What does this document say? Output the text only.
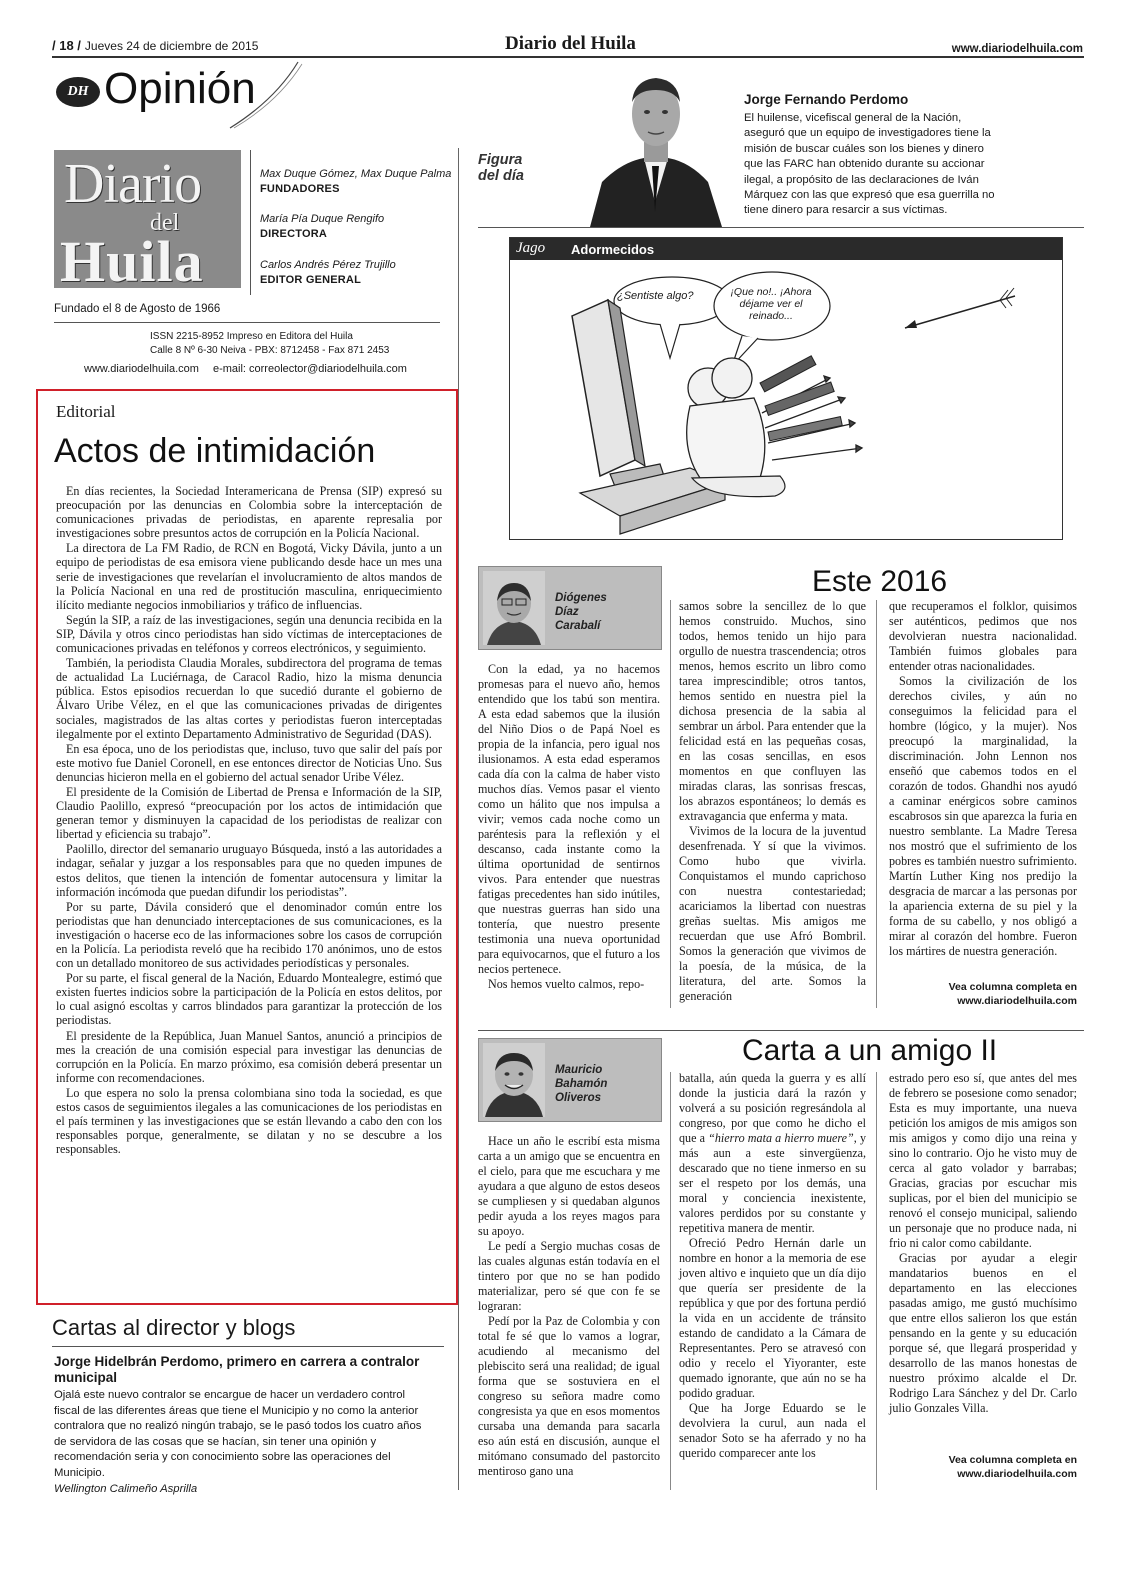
/ 18 / Jueves 24 de diciembre de 2015	Diario del Huila	www.diariodelhuila.com
DH Opinión
Diario
del
Huila
Max Duque Gómez, Max Duque Palma
FUNDADORES
María Pía Duque Rengifo
DIRECTORA
Carlos Andrés Pérez Trujillo
EDITOR GENERAL
Fundado el 8 de Agosto de 1966
ISSN 2215-8952 Impreso en Editora del Huila
Calle 8 Nº 6-30 Neiva - PBX: 8712458 - Fax 871 2453
www.diariodelhuila.com e-mail: correolector@diariodelhuila.com
Editorial
Actos de intimidación

En días recientes, la Sociedad Interamericana de Prensa (SIP) expresó su preocupación por las denuncias en Colombia sobre la interceptación de comunicaciones privadas de periodistas, en aparente represalia por investigaciones sobre presuntos actos de corrupción en la Policía Nacional.

La directora de La FM Radio, de RCN en Bogotá, Vicky Dávila, junto a un equipo de periodistas de esa emisora viene publicando desde hace un mes una serie de investigaciones que revelarían el involucramiento de altos mandos de la Policía Nacional en una red de prostitución masculina, enriquecimiento ilícito mediante negocios inmobiliarios y tráfico de influencias.

Según la SIP, a raíz de las investigaciones, según una denuncia recibida en la SIP, Dávila y otros cinco periodistas han sido víctimas de interceptaciones de comunicaciones privadas en teléfonos y correos electrónicos, y seguimiento.

También, la periodista Claudia Morales, subdirectora del programa de temas de actualidad La Luciérnaga, de Caracol Radio, hizo la misma denuncia pública. Estos episodios recuerdan lo que sucedió durante el gobierno de Álvaro Uribe Vélez, en el que las comunicaciones privadas de dirigentes sociales, magistrados de las altas cortes y periodistas fueron interceptadas ilegalmente por el extinto Departamento Administrativo de Seguridad (DAS).

En esa época, uno de los periodistas que, incluso, tuvo que salir del país por este motivo fue Daniel Coronell, en ese entonces director de Noticias Uno. Sus denuncias hicieron mella en el gobierno del actual senador Uribe Vélez.

El presidente de la Comisión de Libertad de Prensa e Información de la SIP, Claudio Paolillo, expresó “preocupación por los actos de intimidación que generan temor y disminuyen la capacidad de los periodistas de realizar con libertad y eficiencia su trabajo”.

Paolillo, director del semanario uruguayo Búsqueda, instó a las autoridades a indagar, señalar y juzgar a los responsables para que no queden impunes de estos delitos, que tienen la intención de fomentar autocensura y limitar la información incómoda que puedan difundir los periodistas”.

Por su parte, Dávila consideró que el denominador común entre los periodistas que han denunciado interceptaciones de sus comunicaciones, es la investigación o hacerse eco de las informaciones sobre los casos de corrupción en la Policía. La periodista reveló que ha recibido 170 anónimos, uno de estos con un detallado monitoreo de sus actividades periodísticas y personales.

Por su parte, el fiscal general de la Nación, Eduardo Montealegre, estimó que existen fuertes indicios sobre la participación de la Policía en estos delitos, por lo cual asignó escoltas y carros blindados para garantizar la protección de los periodistas.

El presidente de la República, Juan Manuel Santos, anunció a principios de mes la creación de una comisión especial para investigar las denuncias de corrupción en la Policía. En marzo próximo, esa comisión deberá presentar un informe con recomendaciones.

Lo que espera no solo la prensa colombiana sino toda la sociedad, es que estos casos de seguimientos ilegales a las comunicaciones de los periodistas en el país terminen y las investigaciones que se están llevando a cabo den con los responsables porque, generalmente, se dilatan y no se descubre a los responsables.

Cartas al director y blogs
Jorge Hidelbrán Perdomo, primero en carrera a contralor municipal
Ojalá este nuevo contralor se encargue de hacer un verdadero control fiscal de las diferentes áreas que tiene el Municipio y no como la anterior contralora que no realizó ningún trabajo, se le pasó todos los cuatro años de servidora de las cosas que se hacían, sin tener una opinión y recomendación seria y con conocimiento sobre las operaciones del Municipio.
Wellington Calimeño Asprilla
Figura
del día
Jorge Fernando Perdomo
El huilense, vicefiscal general de la Nación, aseguró que un equipo de investigadores tiene la misión de buscar cuáles son los bienes y dinero que las FARC han obtenido durante su accionar ilegal, a propósito de las declaraciones de Iván Márquez con las que expresó que esa guerrilla no tiene dinero para resarcir a sus víctimas.
Jago Adormecidos
¿Sentiste algo?	¡Que no!.. ¡Ahora déjame ver el reinado...
Diógenes
Díaz
Carabalí
Este 2016

Con la edad, ya no hacemos promesas para el nuevo año, hemos entendido que los tabú son mentira. A esta edad sabemos que la ilusión del Niño Dios o de Papá Noel es propia de la infancia, pero igual nos ilusionamos. A esta edad esperamos cada día con la calma de haber visto muchos días. Vemos pasar el viento como un hálito que nos impulsa a vivir; vemos cada noche como un paréntesis para la reflexión y el descanso, cada instante como la última oportunidad de sentirnos vivos. Para entender que nuestras fatigas precedentes han sido inútiles, que nuestras guerras han sido una tontería, que nuestro presente testimonia una nueva oportunidad para equivocarnos, que el futuro a los necios pertenece.

Nos hemos vuelto calmos, repo-

samos sobre la sencillez de lo que hemos construido. Muchos, sino todos, hemos tenido un hijo para orgullo de nuestra trascendencia; otros menos, hemos escrito un libro como tarea imprescindible; otros tantos, hemos sentido en nuestra piel la dichosa presencia de la sabia al sembrar un árbol. Para entender que la felicidad está en las pequeñas cosas, en las cosas sencillas, en esos momentos en que confluyen las miradas claras, las sonrisas frescas, los abrazos espontáneos; lo demás es extravagancia que enferma y mata.

Vivimos de la locura de la juventud desenfrenada. Y sí que la vivimos. Como hubo que vivirla. Conquistamos el mundo caprichoso con nuestra contestariedad; acariciamos la libertad con nuestras greñas sueltas. Mis amigos me recuerdan que use Afró Bombril. Somos la generación que vivimos de la poesía, de la música, de la literatura, del arte. Somos la generación

que recuperamos el folklor, quisimos ser auténticos, pedimos que nos devolvieran nuestra nacionalidad. También fuimos globales para entender otras nacionalidades.

Somos la civilización de los derechos civiles, y aún no conseguimos la felicidad para el hombre (lógico, y la mujer). Nos preocupó la marginalidad, la discriminación. John Lennon nos enseñó que cabemos todos en el corazón de todos. Ghandhi nos ayudó a caminar enérgicos sobre caminos escabrosos sin que aparezca la furia en nuestro semblante. La Madre Teresa nos mostró que el sufrimiento de los pobres es también nuestro sufrimiento. Martín Luther King nos predijo la desgracia de marcar a las personas por la apariencia externa de su piel y la forma de su cabello, y nos obligó a mirar al corazón del hombre. Fueron los mártires de nuestra generación.

Vea columna completa en
www.diariodelhuila.com
Mauricio
Bahamón
Oliveros
Carta a un amigo II

Hace un año le escribí esta misma carta a un amigo que se encuentra en el cielo, para que me escuchara y me ayudara a que alguno de estos deseos se cumpliesen y si quedaban algunos pedir ayuda a los reyes magos para su apoyo.

Le pedí a Sergio muchas cosas de las cuales algunas están todavía en el tintero por que no se han podido materializar, pero sé que con fe se lograran:

Pedí por la Paz de Colombia y con total fe sé que lo vamos a lograr, acudiendo al mecanismo del plebiscito será una realidad; de igual forma que se sostuviera en el congreso su señora madre como congresista ya que en esos momentos cursaba una demanda para sacarla eso aún está en discusión, aunque el mitómano consumado del pastorcito mentiroso gano una

batalla, aún queda la guerra y es allí donde la justicia dará la razón y volverá a su posición regresándola al congreso, por que como he dicho el que a “hierro mata a hierro muere”, y más aun a este sinvergüenza, descarado que no tiene inmerso en su ser el respeto por los demás, una moral y conciencia inexistente, valores perdidos por su constante y repetitiva manera de mentir.

Ofreció Pedro Hernán darle un nombre en honor a la memoria de ese joven altivo e inquieto que un día dijo que quería ser presidente de la república y que por des fortuna perdió la vida en un accidente de tránsito estando de candidato a la Cámara de Representantes. Pero se atravesó con odio y recelo el Yiyoranter, este quemado ignorante, que aún no se ha podido graduar.

Que ha Jorge Eduardo se le devolviera la curul, aun nada el senador Soto se ha aferrado y no ha querido comparecer ante los

estrado pero eso sí, que antes del mes de febrero se posesione como senador; Esta es muy importante, una nueva petición los amigos de mis amigos son mis amigos y como dijo una reina y sino lo contrario. Ojo he visto muy de cerca al gato volador y barrabas; Gracias, gracias por escuchar mis suplicas, por el bien del municipio se renovó el consejo municipal, saliendo un personaje que no produce nada, ni frio ni calor como cabildante.

Gracias por ayudar a elegir mandatarios buenos en el departamento en las elecciones pasadas amigo, me gustó muchísimo que entre ellos salieron los que están pensando en la gente y su educación porque sé, que llegará prosperidad y desarrollo de las manos honestas de nuestro próximo alcalde el Dr. Rodrigo Lara Sánchez y del Dr. Carlo julio Gonzales Villa.

Vea columna completa en
www.diariodelhuila.com
